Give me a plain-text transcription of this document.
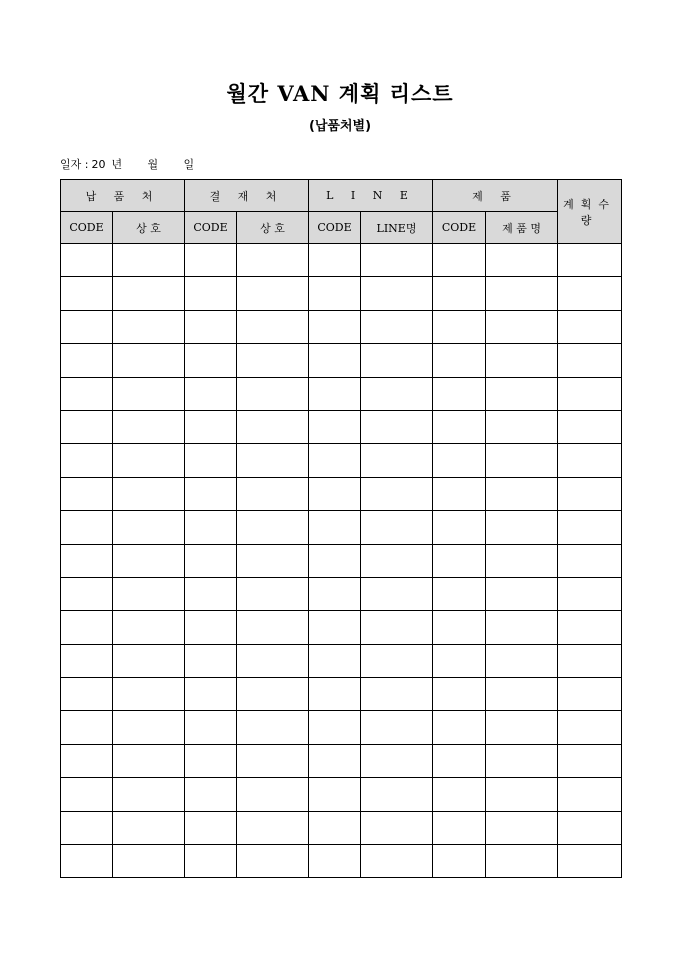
월간 VAN 계획 리스트
(납품처별)
일자 : 20 년 월 일
납 품 처		결 재 처		L I N E		제 품		계획수량
CODE	상 호	CODE	상 호	CODE	LINE명	CODE	제 품 명	
